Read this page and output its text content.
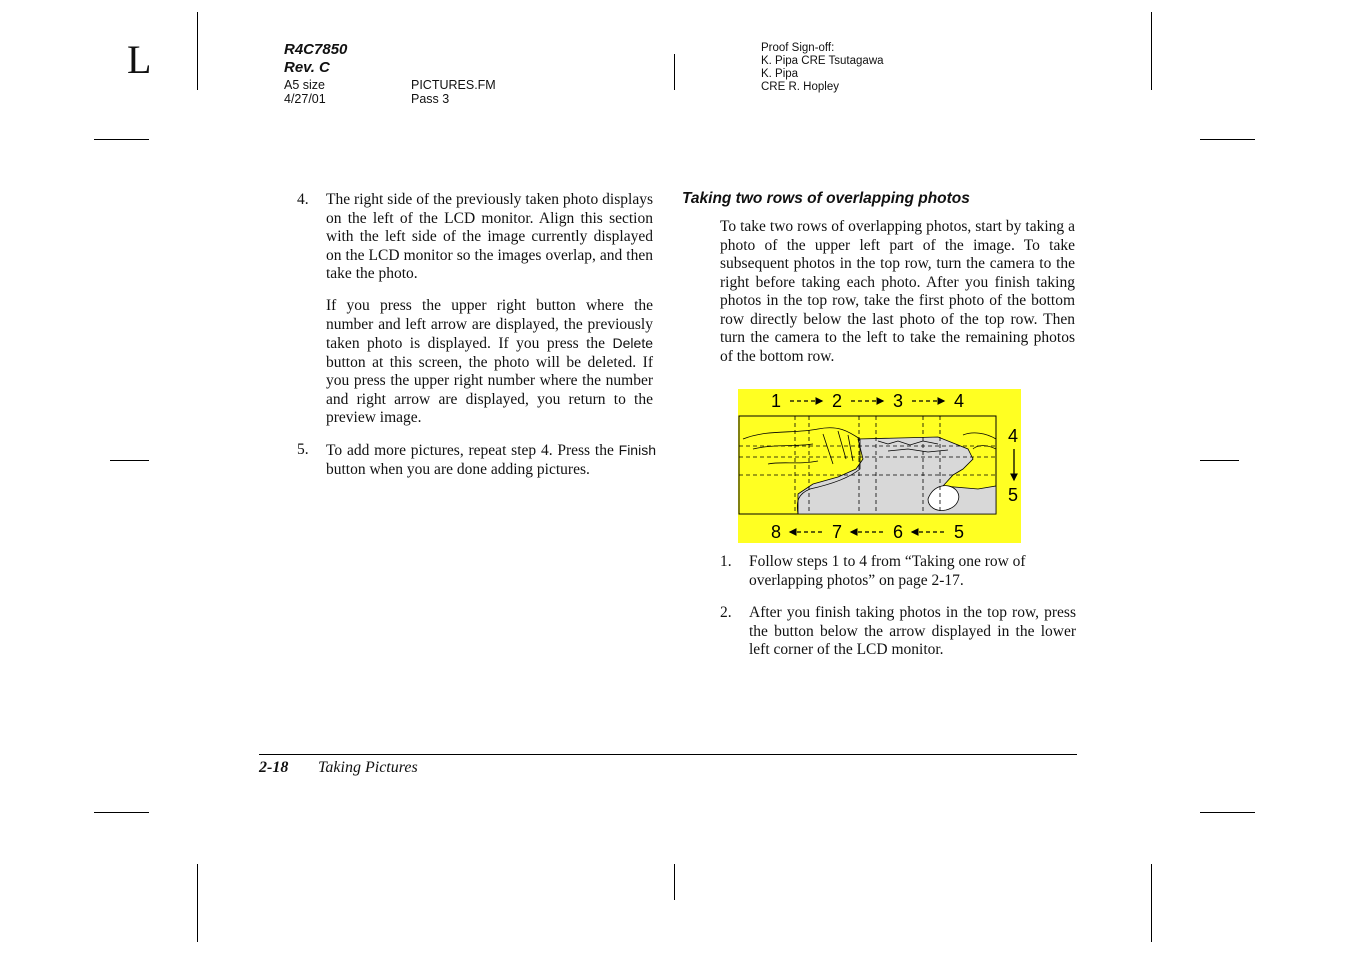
L	R4C7850
Rev. C
A5 size
4/27/01
PICTURES.FM
Pass 3
Proof Sign-off:
K. Pipa CRE Tsutagawa
K. Pipa
CRE R. Hopley
4. The right side of the previously taken photo displays on the left of the LCD monitor. Align this section with the left side of the image currently displayed on the LCD monitor so the images overlap, and then take the photo.
If you press the upper right button where the number and left arrow are displayed, the previously taken photo is displayed. If you press the Delete button at this screen, the photo will be deleted. If you press the upper right number where the number and right arrow are displayed, you return to the preview image.
5. To add more pictures, repeat step 4. Press the Finish button when you are done adding pictures.
Taking two rows of overlapping photos
To take two rows of overlapping photos, start by taking a photo of the upper left part of the image. To take subsequent photos in the top row, turn the camera to the right before taking each photo. After you finish taking photos in the top row, take the first photo of the bottom row directly below the last photo of the top row. Then turn the camera to the left to take the remaining photos of the bottom row.
1	2	3	4
4
5
8	7	6	5
1. Follow steps 1 to 4 from “Taking one row of overlapping photos” on page 2-17.
2. After you finish taking photos in the top row, press the button below the arrow displayed in the lower left corner of the LCD monitor.
2-18 Taking Pictures
